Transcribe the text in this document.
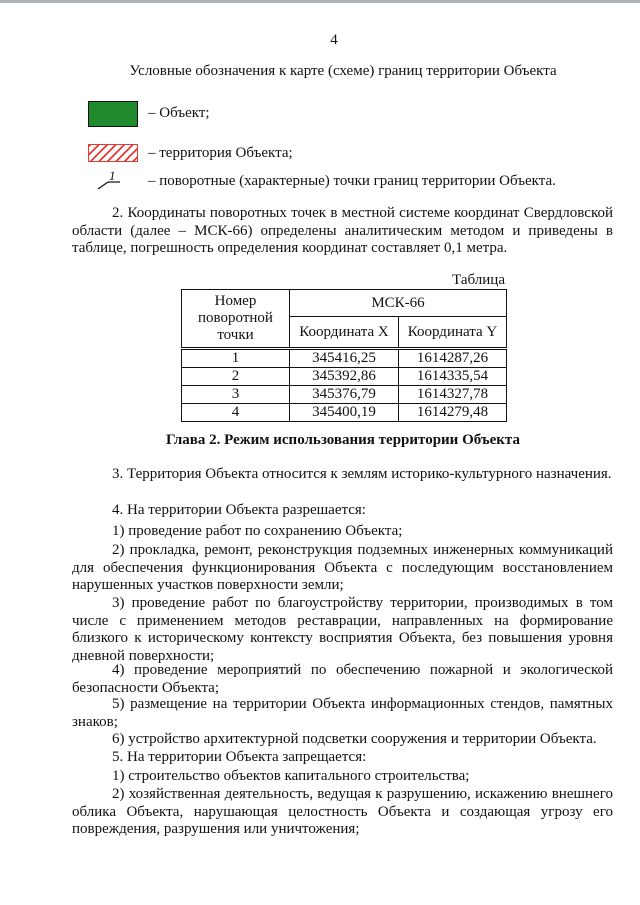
4
Условные обозначения к карте (схеме) границ территории Объекта
– Объект;
– территория Объекта;
1 – поворотные (характерные) точки границ территории Объекта.

2. Координаты поворотных точек в местной системе координат Свердловской области (далее – МСК-66) определены аналитическим методом и приведены в таблице, погрешность определения координат составляет 0,1 метра.

Таблица
Номер поворотной точки	МСК-66	
	Координата X	Координата Y
1	345416,25	1614287,26
2	345392,86	1614335,54
3	345376,79	1614327,78
4	345400,19	1614279,48
Глава 2. Режим использования территории Объекта

3. Территория Объекта относится к землям историко-культурного назначения.

4. На территории Объекта разрешается:

1) проведение работ по сохранению Объекта;

2) прокладка, ремонт, реконструкция подземных инженерных коммуникаций для обеспечения функционирования Объекта с последующим восстановлением нарушенных участков поверхности земли;

3) проведение работ по благоустройству территории, производимых в том числе с применением методов реставрации, направленных на формирование близкого к историческому контексту восприятия Объекта, без повышения уровня дневной поверхности;

4) проведение мероприятий по обеспечению пожарной и экологической безопасности Объекта;

5) размещение на территории Объекта информационных стендов, памятных знаков;

6) устройство архитектурной подсветки сооружения и территории Объекта.

5. На территории Объекта запрещается:

1) строительство объектов капитального строительства;

2) хозяйственная деятельность, ведущая к разрушению, искажению внешнего облика Объекта, нарушающая целостность Объекта и создающая угрозу его повреждения, разрушения или уничтожения;
